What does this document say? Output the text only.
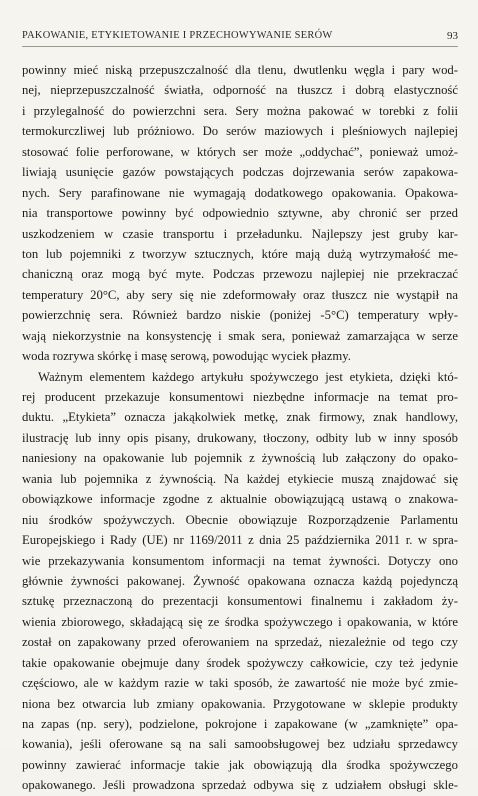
PAKOWANIE, ETYKIETOWANIE I PRZECHOWYWANIE SERÓW	93
powinny mieć niską przepuszczalność dla tlenu, dwutlenku węgla i pary wod-
nej, nieprzepuszczalność światła, odporność na tłuszcz i dobrą elastyczność
i przylegalność do powierzchni sera. Sery można pakować w torebki z folii
termokurczliwej lub próżniowo. Do serów maziowych i pleśniowych najlepiej
stosować folie perforowane, w których ser może „oddychać”, ponieważ umoż-
liwiają usunięcie gazów powstających podczas dojrzewania serów zapakowa-
nych. Sery parafinowane nie wymagają dodatkowego opakowania. Opakowa-
nia transportowe powinny być odpowiednio sztywne, aby chronić ser przed
uszkodzeniem w czasie transportu i przeładunku. Najlepszy jest gruby kar-
ton lub pojemniki z tworzyw sztucznych, które mają dużą wytrzymałość me-
chaniczną oraz mogą być myte. Podczas przewozu najlepiej nie przekraczać
temperatury 20°C, aby sery się nie zdeformowały oraz tłuszcz nie wystąpił na
powierzchnię sera. Również bardzo niskie (poniżej -5°C) temperatury wpły-
wają niekorzystnie na konsystencję i smak sera, ponieważ zamarzająca w serze
woda rozrywa skórkę i masę serową, powodując wyciek płazmy.
Ważnym elementem każdego artykułu spożywczego jest etykieta, dzięki któ-
rej producent przekazuje konsumentowi niezbędne informacje na temat pro-
duktu. „Etykieta” oznacza jakąkolwiek metkę, znak firmowy, znak handlowy,
ilustrację lub inny opis pisany, drukowany, tłoczony, odbity lub w inny sposób
naniesiony na opakowanie lub pojemnik z żywnością lub załączony do opako-
wania lub pojemnika z żywnością. Na każdej etykiecie muszą znajdować się
obowiązkowe informacje zgodne z aktualnie obowiązującą ustawą o znakowa-
niu środków spożywczych. Obecnie obowiązuje Rozporządzenie Parlamentu
Europejskiego i Rady (UE) nr 1169/2011 z dnia 25 października 2011 r. w spra-
wie przekazywania konsumentom informacji na temat żywności. Dotyczy ono
głównie żywności pakowanej. Żywność opakowana oznacza każdą pojedynczą
sztukę przeznaczoną do prezentacji konsumentowi finalnemu i zakładom ży-
wienia zbiorowego, składającą się ze środka spożywczego i opakowania, w które
został on zapakowany przed oferowaniem na sprzedaż, niezależnie od tego czy
takie opakowanie obejmuje dany środek spożywczy całkowicie, czy też jedynie
częściowo, ale w każdym razie w taki sposób, że zawartość nie może być zmie-
niona bez otwarcia lub zmiany opakowania. Przygotowane w sklepie produkty
na zapas (np. sery), podzielone, pokrojone i zapakowane (w „zamknięte” opa-
kowania), jeśli oferowane są na sali samoobsługowej bez udziału sprzedawcy
powinny zawierać informacje takie jak obowiązują dla środka spożywczego
opakowanego. Jeśli prowadzona sprzedaż odbywa się z udziałem obsługi skle-
